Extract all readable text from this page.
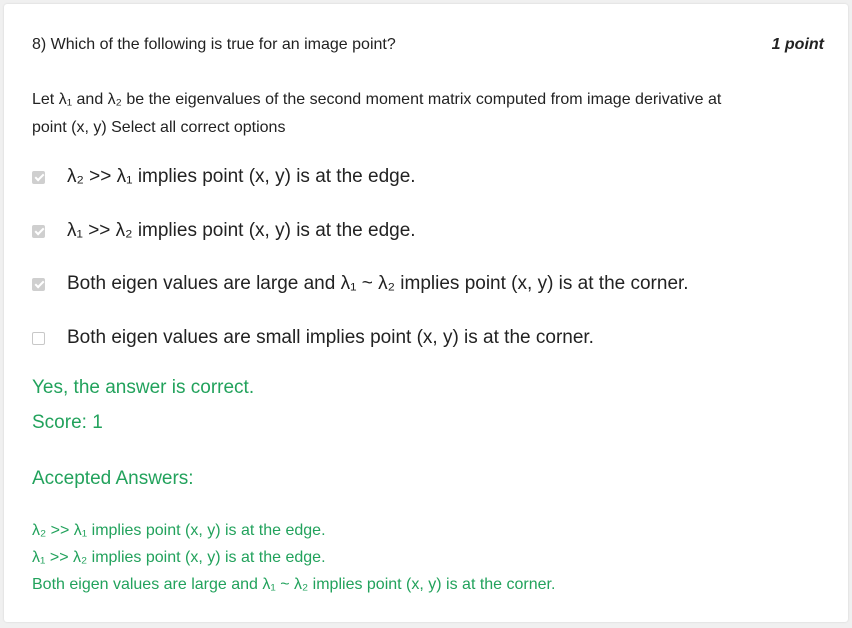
8) Which of the following is true for an image point?	1 point
Let λ₁ and λ₂ be the eigenvalues of the second moment matrix computed from image derivative at
point (x, y) Select all correct options
λ₂ >> λ₁ implies point (x, y) is at the edge.
λ₁ >> λ₂ implies point (x, y) is at the edge.
Both eigen values are large and λ₁ ~ λ₂ implies point (x, y) is at the corner.
Both eigen values are small implies point (x, y) is at the corner.
Yes, the answer is correct.
Score: 1
Accepted Answers:
λ₂ >> λ₁ implies point (x, y) is at the edge.
λ₁ >> λ₂ implies point (x, y) is at the edge.
Both eigen values are large and λ₁ ~ λ₂ implies point (x, y) is at the corner.
